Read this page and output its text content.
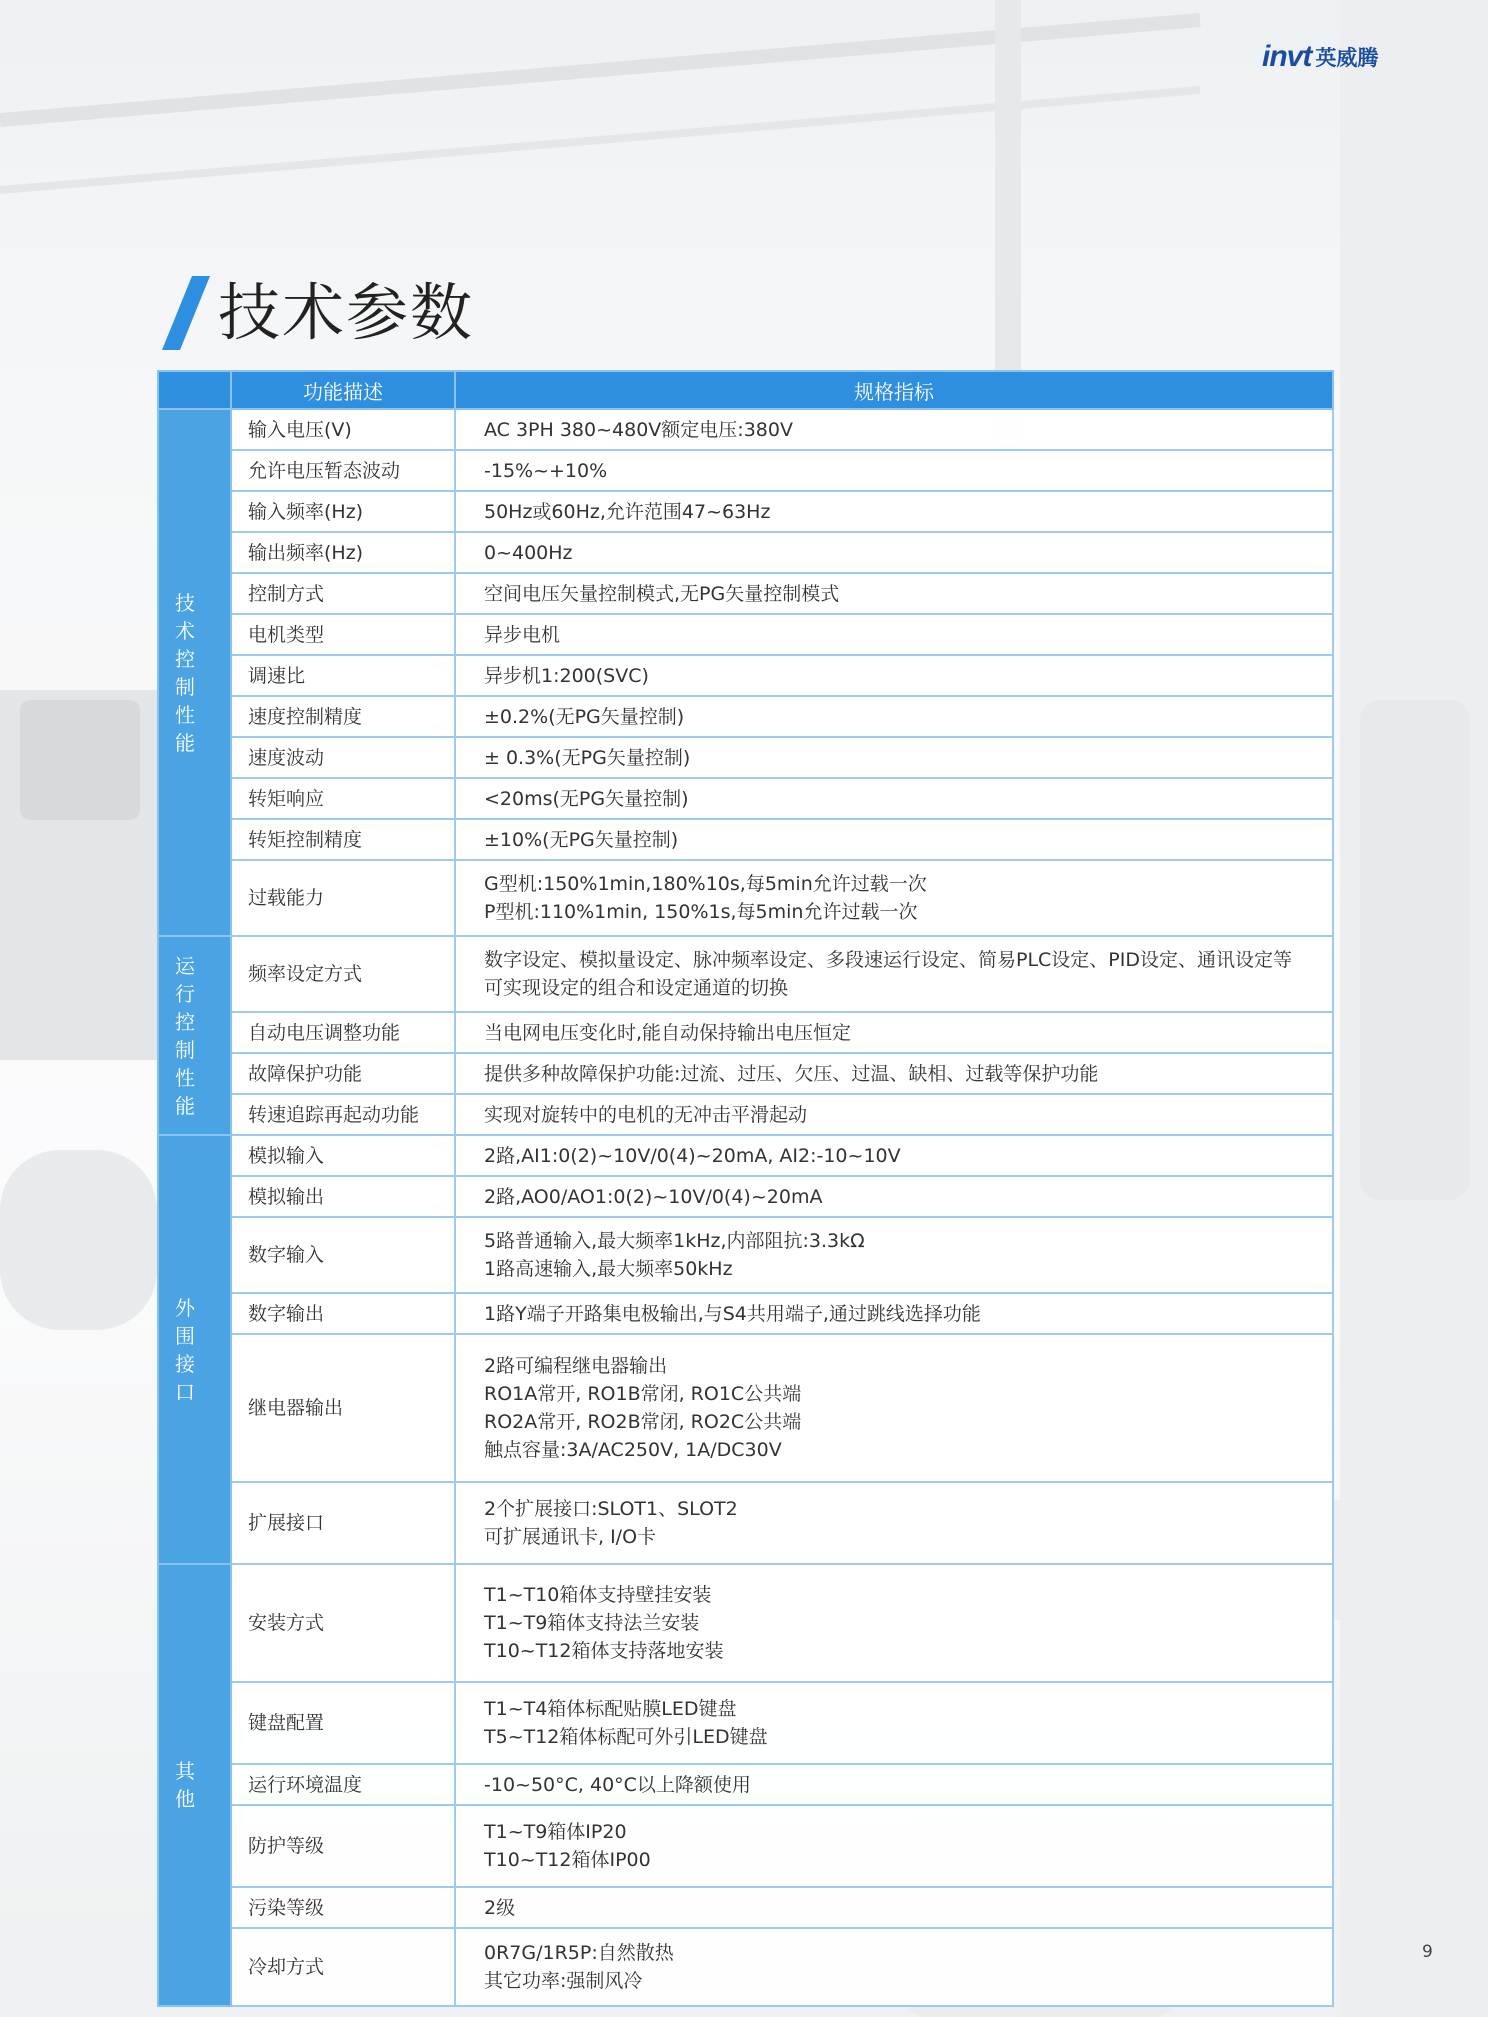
invt 英威腾
技术参数
	功能描述	规格指标
技术控制性能	输入电压(V)	AC 3PH 380~480V额定电压:380V

	允许电压暂态波动	-15%~+10%

	输入频率(Hz)	50Hz或60Hz,允许范围47~63Hz

	输出频率(Hz)	0~400Hz

	控制方式	空间电压矢量控制模式,无PG矢量控制模式

	电机类型	异步电机

	调速比	异步机1:200(SVC)

	速度控制精度	±0.2%(无PG矢量控制)

	速度波动	± 0.3%(无PG矢量控制)

	转矩响应	<20ms(无PG矢量控制)

	转矩控制精度	±10%(无PG矢量控制)

	过载能力	G型机:150%1min,180%10s,每5min允许过载一次
P型机:110%1min, 150%1s,每5min允许过载一次

运行控制性能	频率设定方式	数字设定、模拟量设定、脉冲频率设定、多段速运行设定、简易PLC设定、PID设定、通讯设定等
可实现设定的组合和设定通道的切换

	自动电压调整功能	当电网电压变化时,能自动保持输出电压恒定

	故障保护功能	提供多种故障保护功能:过流、过压、欠压、过温、缺相、过载等保护功能

	转速追踪再起动功能	实现对旋转中的电机的无冲击平滑起动

外围接口	模拟输入	2路,AI1:0(2)~10V/0(4)~20mA, AI2:-10~10V

	模拟输出	2路,AO0/AO1:0(2)~10V/0(4)~20mA

	数字输入	5路普通输入,最大频率1kHz,内部阻抗:3.3kΩ
1路高速输入,最大频率50kHz

	数字输出	1路Y端子开路集电极输出,与S4共用端子,通过跳线选择功能

	继电器输出	2路可编程继电器输出
RO1A常开, RO1B常闭, RO1C公共端
RO2A常开, RO2B常闭, RO2C公共端
触点容量:3A/AC250V, 1A/DC30V

	扩展接口	2个扩展接口:SLOT1、SLOT2
可扩展通讯卡, I/O卡

其他	安装方式	T1~T10箱体支持壁挂安装
T1~T9箱体支持法兰安装
T10~T12箱体支持落地安装

	键盘配置	T1~T4箱体标配贴膜LED键盘
T5~T12箱体标配可外引LED键盘

	运行环境温度	-10~50°C, 40°C以上降额使用

	防护等级	T1~T9箱体IP20
T10~T12箱体IP00

	污染等级	2级

	冷却方式	0R7G/1R5P:自然散热
其它功率:强制风冷
9
